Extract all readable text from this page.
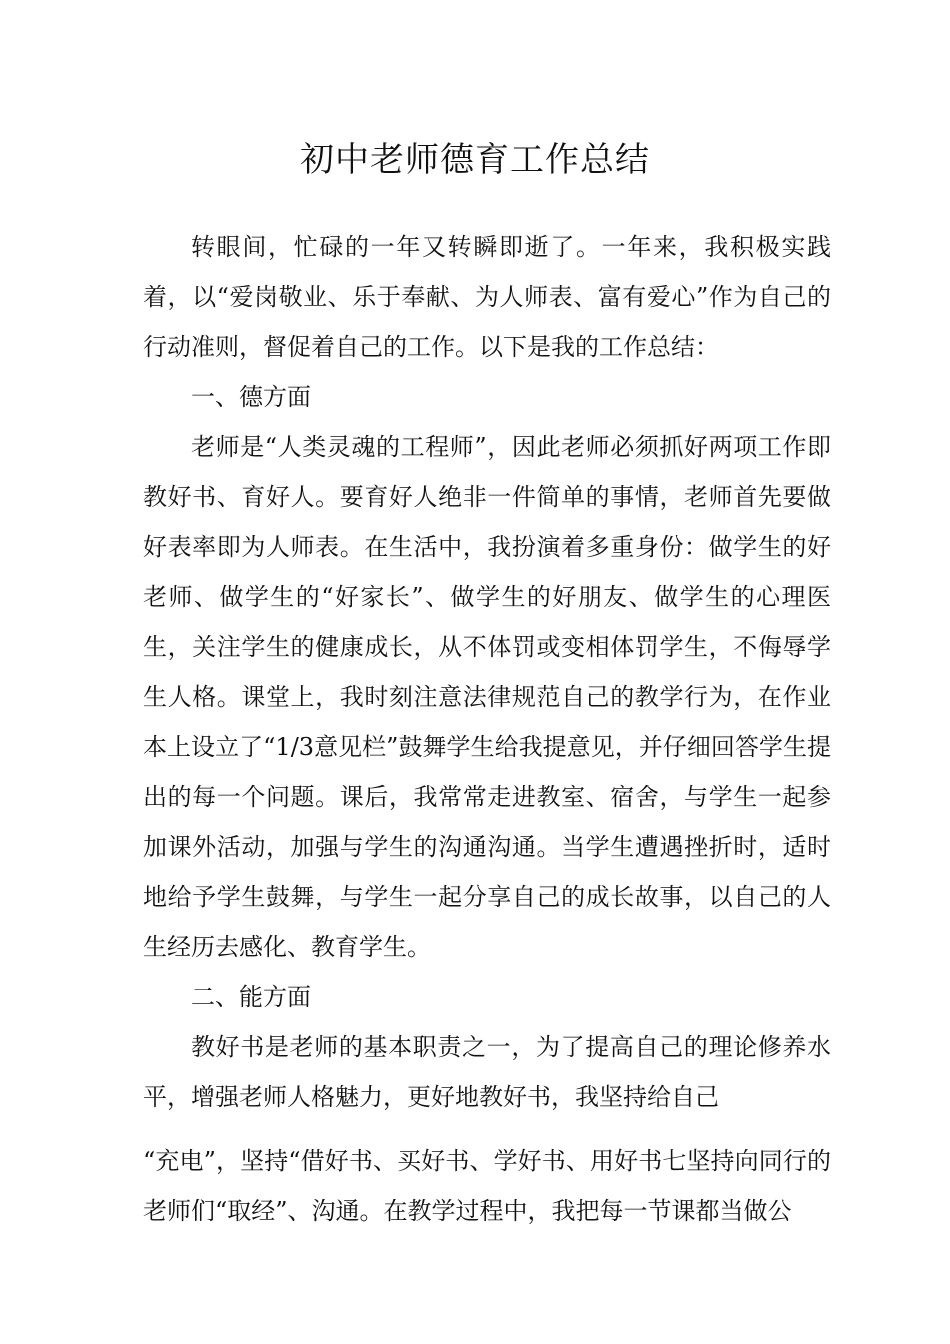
初中老师德育工作总结

转眼间，忙碌的一年又转瞬即逝了。一年来，我积极实践着，以“爱岗敬业、乐于奉献、为人师表、富有爱心”作为自己的行动准则，督促着自己的工作。以下是我的工作总结：

一、德方面

老师是“人类灵魂的工程师”，因此老师必须抓好两项工作即教好书、育好人。要育好人绝非一件简单的事情，老师首先要做好表率即为人师表。在生活中，我扮演着多重身份：做学生的好老师、做学生的“好家长”、做学生的好朋友、做学生的心理医生，关注学生的健康成长，从不体罚或变相体罚学生，不侮辱学生人格。课堂上，我时刻注意法律规范自己的教学行为，在作业本上设立了“1/3意见栏”鼓舞学生给我提意见，并仔细回答学生提出的每一个问题。课后，我常常走进教室、宿舍，与学生一起参加课外活动，加强与学生的沟通沟通。当学生遭遇挫折时，适时地给予学生鼓舞，与学生一起分享自己的成长故事，以自己的人生经历去感化、教育学生。

二、能方面

教好书是老师的基本职责之一，为了提高自己的理论修养水平，增强老师人格魅力，更好地教好书，我坚持给自己

“充电”，坚持“借好书、买好书、学好书、用好书七坚持向同行的老师们“取经”、沟通。在教学过程中，我把每一节课都当做公
